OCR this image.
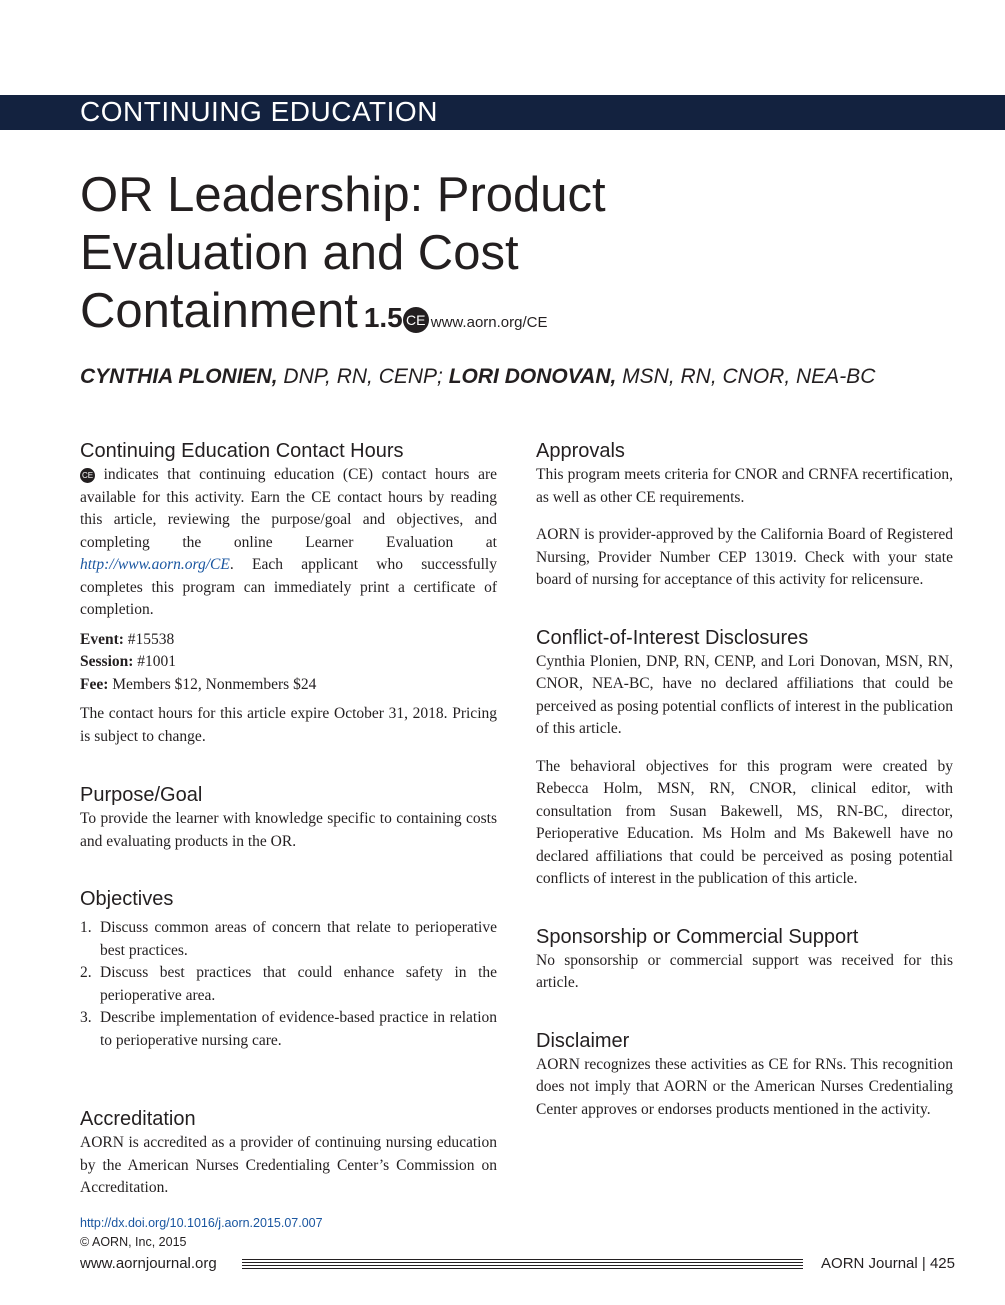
CONTINUING EDUCATION
OR Leadership: Product
Evaluation and Cost
Containment 1.5 CE www.aorn.org/CE
CYNTHIA PLONIEN, DNP, RN, CENP; LORI DONOVAN, MSN, RN, CNOR, NEA-BC
Continuing Education Contact Hours

CE indicates that continuing education (CE) contact hours are available for this activity. Earn the CE contact hours by reading this article, reviewing the purpose/goal and objectives, and completing the online Learner Evaluation at http://www.aorn.org/CE. Each applicant who successfully completes this program can immediately print a certificate of completion.

Event: #15538
Session: #1001
Fee: Members $12, Nonmembers $24

The contact hours for this article expire October 31, 2018. Pricing is subject to change.

Purpose/Goal

To provide the learner with knowledge specific to containing costs and evaluating products in the OR.

Objectives
1. Discuss common areas of concern that relate to perioperative best practices.
2. Discuss best practices that could enhance safety in the perioperative area.
3. Describe implementation of evidence-based practice in relation to perioperative nursing care.
Accreditation

AORN is accredited as a provider of continuing nursing education by the American Nurses Credentialing Center’s Commission on Accreditation.

Approvals

This program meets criteria for CNOR and CRNFA recertification, as well as other CE requirements.

AORN is provider-approved by the California Board of Registered Nursing, Provider Number CEP 13019. Check with your state board of nursing for acceptance of this activity for relicensure.

Conflict-of-Interest Disclosures

Cynthia Plonien, DNP, RN, CENP, and Lori Donovan, MSN, RN, CNOR, NEA-BC, have no declared affiliations that could be perceived as posing potential conflicts of interest in the publication of this article.

The behavioral objectives for this program were created by Rebecca Holm, MSN, RN, CNOR, clinical editor, with consultation from Susan Bakewell, MS, RN-BC, director, Perioperative Education. Ms Holm and Ms Bakewell have no declared affiliations that could be perceived as posing potential conflicts of interest in the publication of this article.

Sponsorship or Commercial Support

No sponsorship or commercial support was received for this article.

Disclaimer

AORN recognizes these activities as CE for RNs. This recognition does not imply that AORN or the American Nurses Credentialing Center approves or endorses products mentioned in the activity.

http://dx.doi.org/10.1016/j.aorn.2015.07.007
© AORN, Inc, 2015
www.aornjournal.org	AORN Journal | 425
